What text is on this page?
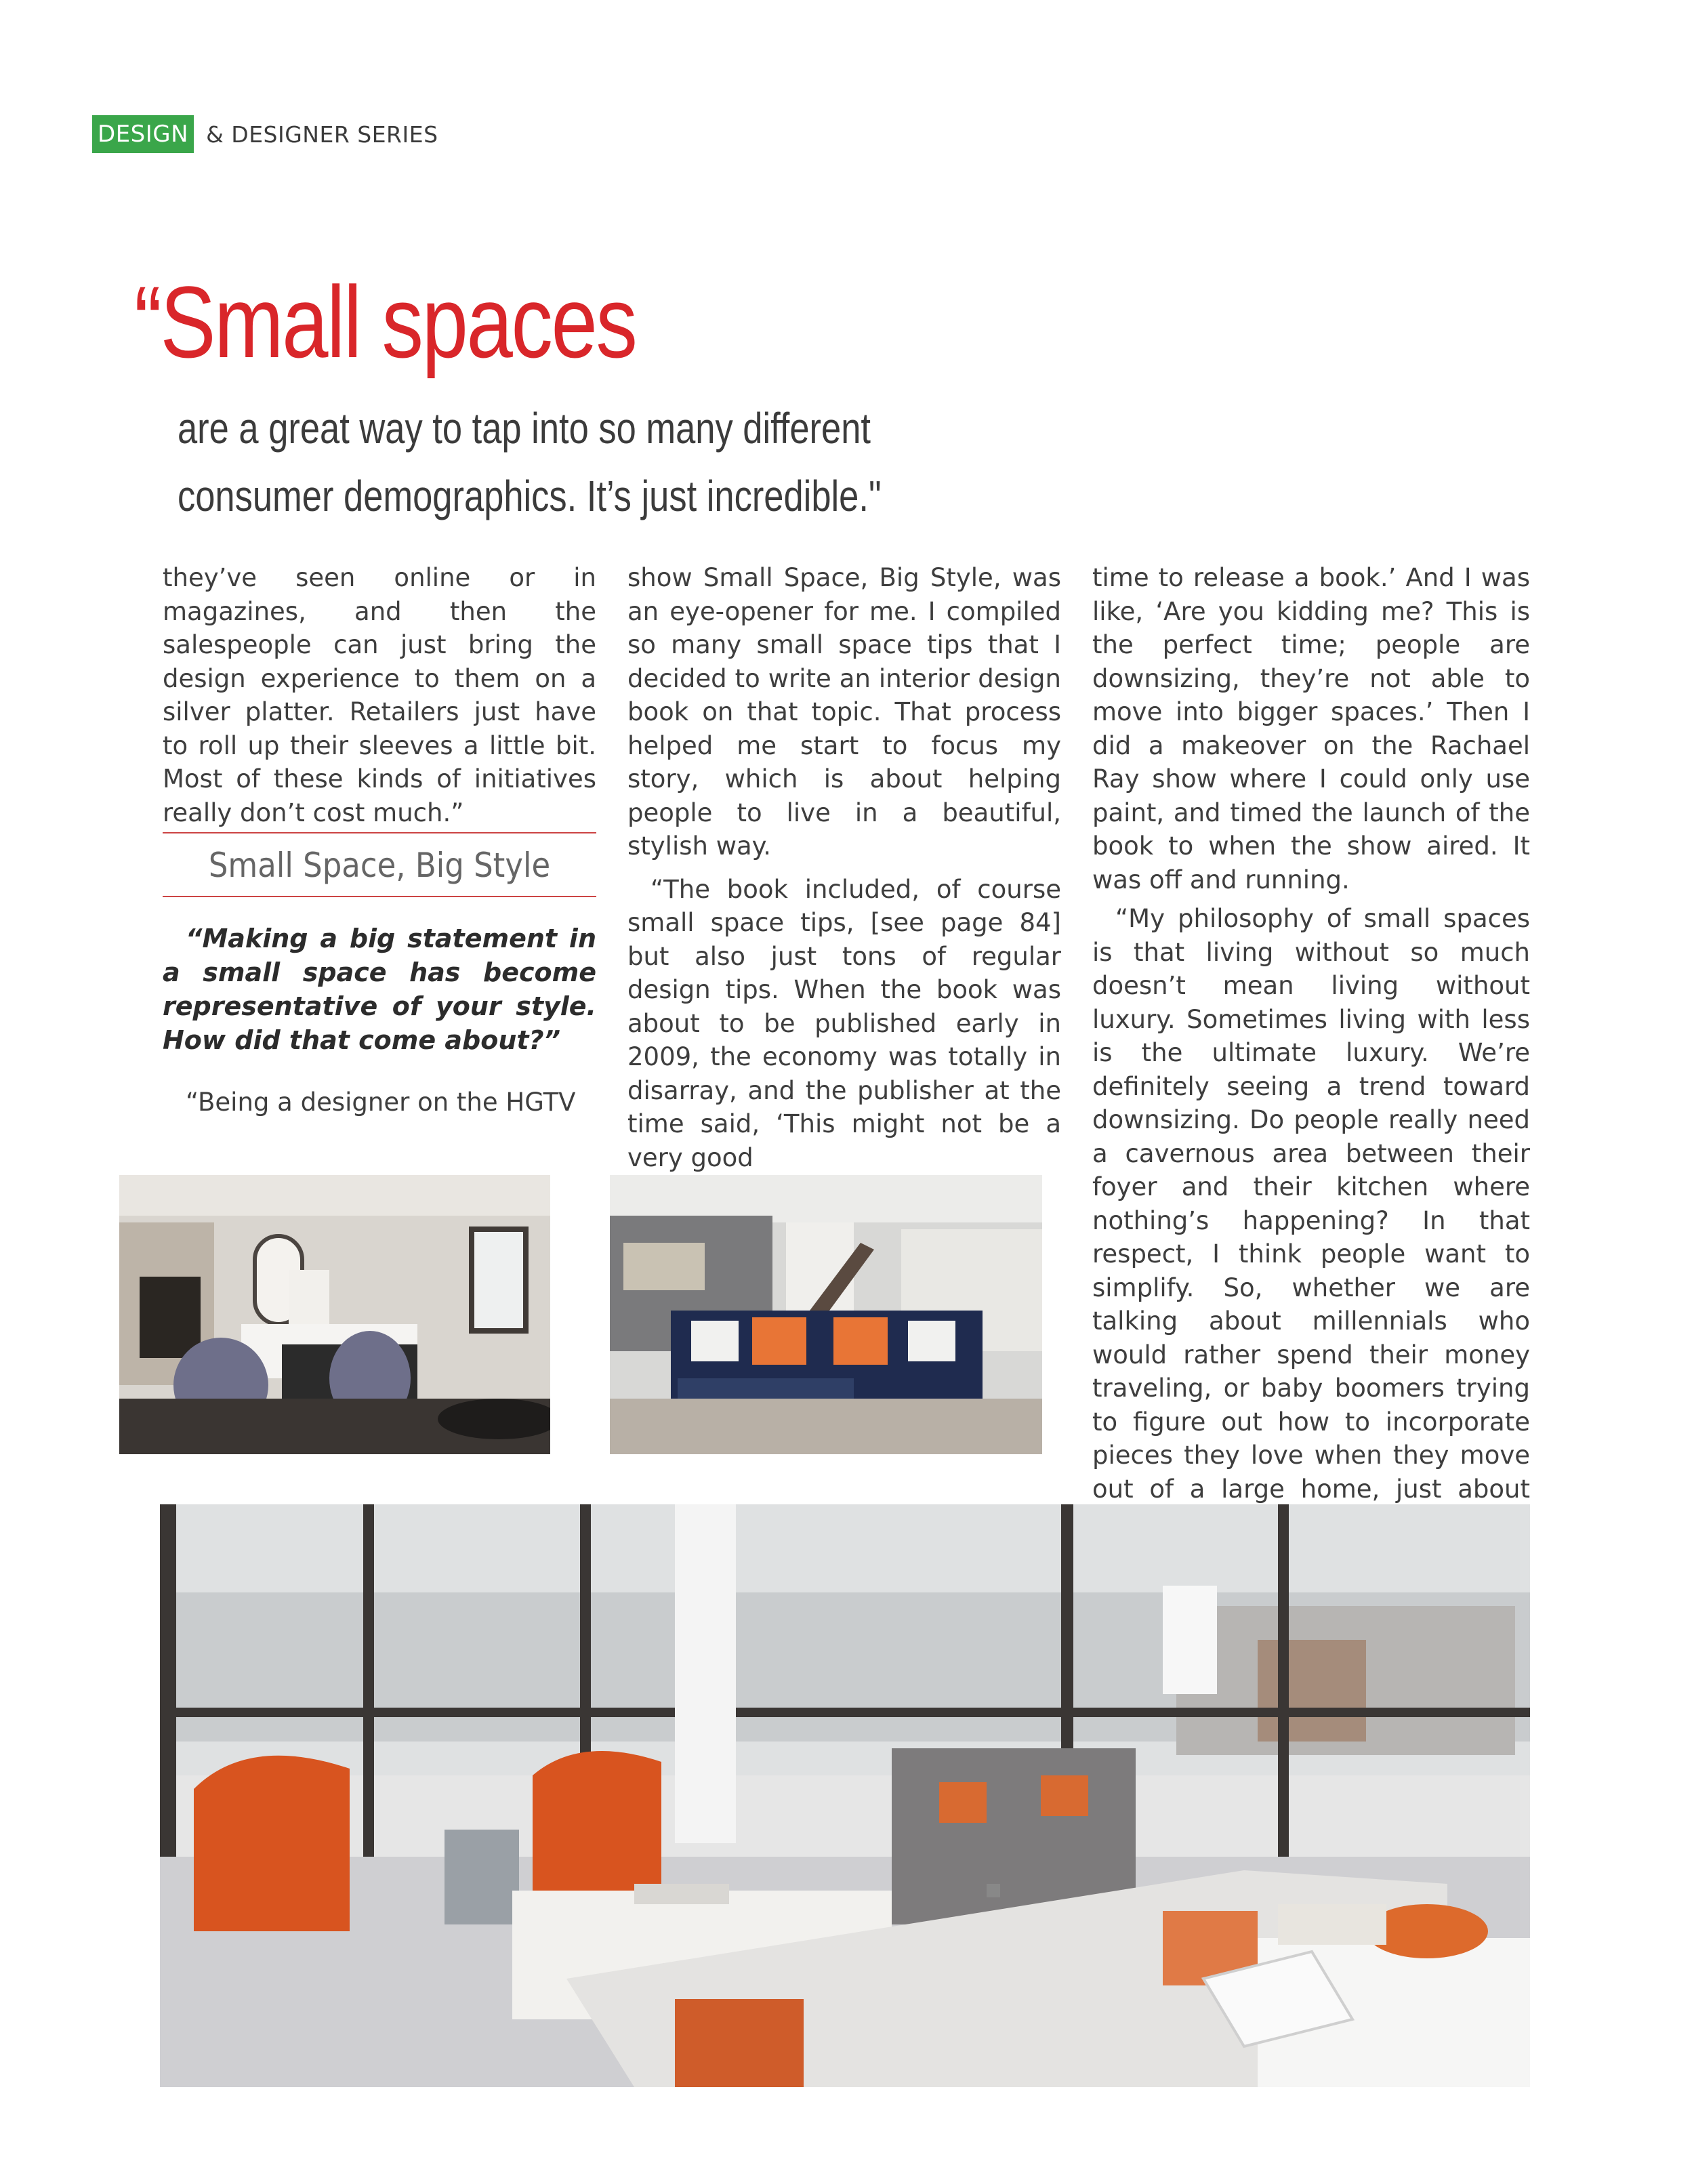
DESIGN & DESIGNER SERIES
“Small spaces
are a great way to tap into so many different
consumer demographics. It’s just incredible."

they’ve seen online or in magazines, and then the salespeople can just bring the design experience to them on a silver platter. Retailers just have to roll up their sleeves a little bit. Most of these kinds of initiatives really don’t cost much.”

Small Space, Big Style
“Making a big statement in a small space has become representative of your style. How did that come about?”

“Being a designer on the HGTV

show Small Space, Big Style, was an eye-opener for me. I compiled so many small space tips that I decided to write an interior design book on that topic. That process helped me start to focus my story, which is about helping people to live in a beautiful, stylish way.

“The book included, of course small space tips, [see page 84] but also just tons of regular design tips. When the book was about to be published early in 2009, the economy was totally in disarray, and the publisher at the time said, ‘This might not be a very good

time to release a book.’ And I was like, ‘Are you kidding me? This is the perfect time; people are downsizing, they’re not able to move into bigger spaces.’ Then I did a makeover on the Rachael Ray show where I could only use paint, and timed the launch of the book to when the show aired. It was off and running.

“My philosophy of small spaces is that living without so much doesn’t mean living without luxury. Sometimes living with less is the ultimate luxury. We’re definitely seeing a trend toward downsizing. Do people really need a cavernous area between their foyer and their kitchen where nothing’s happening? In that respect, I think people want to simplify. So, whether we are talking about millennials who would rather spend their money traveling, or baby boomers trying to figure out how to incorporate pieces they love when they move out of a large home, just about
